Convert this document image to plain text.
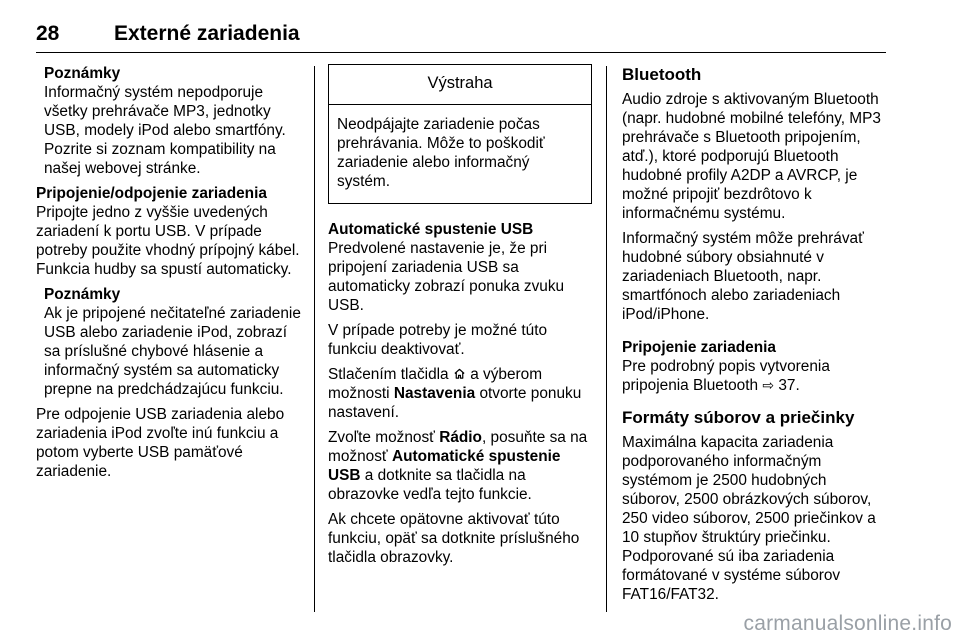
28	Externé zariadenia
Poznámky
Informačný systém nepodporuje všetky prehrávače MP3, jednotky USB, modely iPod alebo smartfóny. Pozrite si zoznam kompatibility na našej webovej stránke.
Pripojenie/odpojenie zariadenia

Pripojte jedno z vyššie uvedených zariadení k portu USB. V prípade potreby použite vhodný prípojný kábel. Funkcia hudby sa spustí automaticky.

Poznámky
Ak je pripojené nečitateľné zariadenie USB alebo zariadenie iPod, zobrazí sa príslušné chybové hlásenie a informačný systém sa automaticky prepne na predchádzajúcu funkciu.

Pre odpojenie USB zariadenia alebo zariadenia iPod zvoľte inú funkciu a potom vyberte USB pamäťové zariadenie.

Výstraha
Neodpájajte zariadenie počas prehrávania. Môže to poškodiť zariadenie alebo informačný systém.
Automatické spustenie USB

Predvolené nastavenie je, že pri pripojení zariadenia USB sa automaticky zobrazí ponuka zvuku USB.

V prípade potreby je možné túto funkciu deaktivovať.

Stlačením tlačidla a výberom možnosti Nastavenia otvorte ponuku nastavení.

Zvoľte možnosť Rádio, posuňte sa na možnosť Automatické spustenie USB a dotknite sa tlačidla na obrazovke vedľa tejto funkcie.

Ak chcete opätovne aktivovať túto funkciu, opäť sa dotknite príslušného tlačidla obrazovky.

Bluetooth

Audio zdroje s aktivovaným Bluetooth (napr. hudobné mobilné telefóny, MP3 prehrávače s Bluetooth pripojením, atď.), ktoré podporujú Bluetooth hudobné profily A2DP a AVRCP, je možné pripojiť bezdrôtovo k informačnému systému.

Informačný systém môže prehrávať hudobné súbory obsiahnuté v zariadeniach Bluetooth, napr. smartfónoch alebo zariadeniach iPod/iPhone.

Pripojenie zariadenia

Pre podrobný popis vytvorenia pripojenia Bluetooth ⇨ 37.

Formáty súborov a priečinky

Maximálna kapacita zariadenia podporovaného informačným systémom je 2500 hudobných súborov, 2500 obrázkových súborov, 250 video súborov, 2500 priečinkov a 10 stupňov štruktúry priečinku. Podporované sú iba zariadenia formátované v systéme súborov FAT16/FAT32.

carmanualsonline.info
